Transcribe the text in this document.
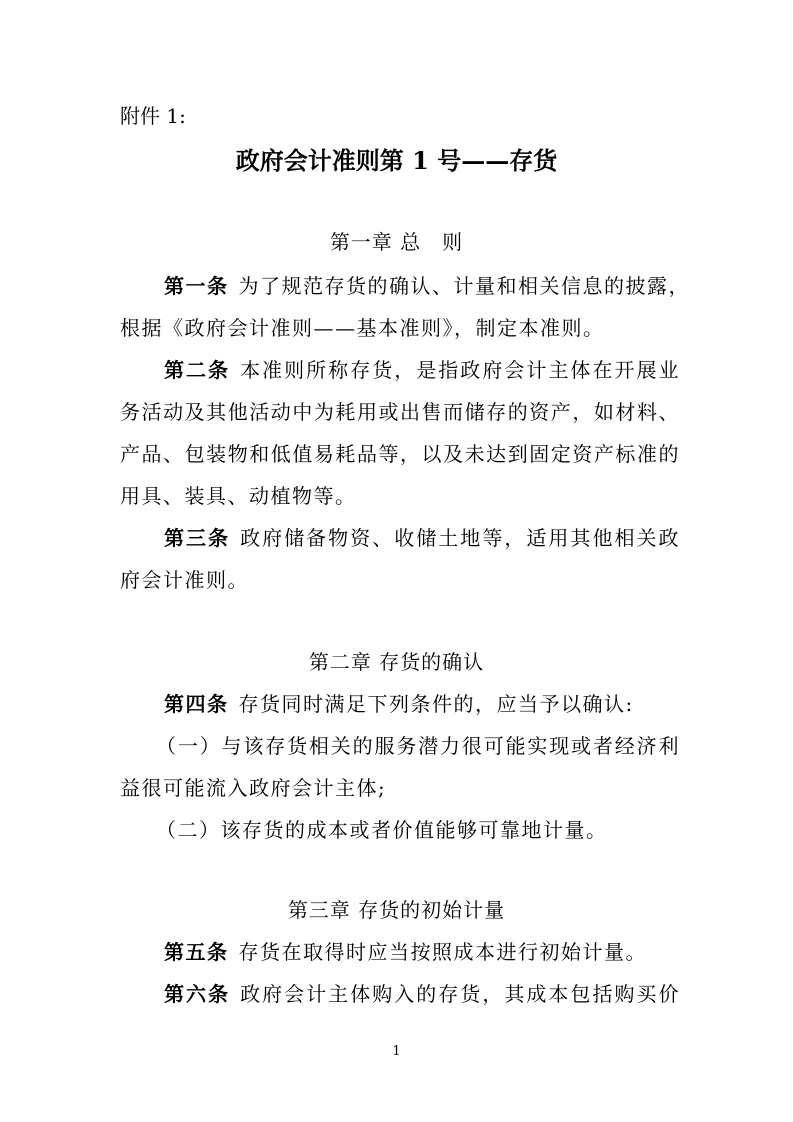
附件 1:
政府会计准则第 1 号——存货
第一章 总　则
第一条 为了规范存货的确认、计量和相关信息的披露，
根据《政府会计准则——基本准则》，制定本准则。
第二条 本准则所称存货，是指政府会计主体在开展业
务活动及其他活动中为耗用或出售而储存的资产，如材料、
产品、包装物和低值易耗品等，以及未达到固定资产标准的
用具、装具、动植物等。
第三条 政府储备物资、收储土地等，适用其他相关政
府会计准则。
第二章 存货的确认
第四条 存货同时满足下列条件的，应当予以确认:
（一）与该存货相关的服务潜力很可能实现或者经济利
益很可能流入政府会计主体;
（二）该存货的成本或者价值能够可靠地计量。
第三章 存货的初始计量
第五条 存货在取得时应当按照成本进行初始计量。
第六条 政府会计主体购入的存货，其成本包括购买价
1
